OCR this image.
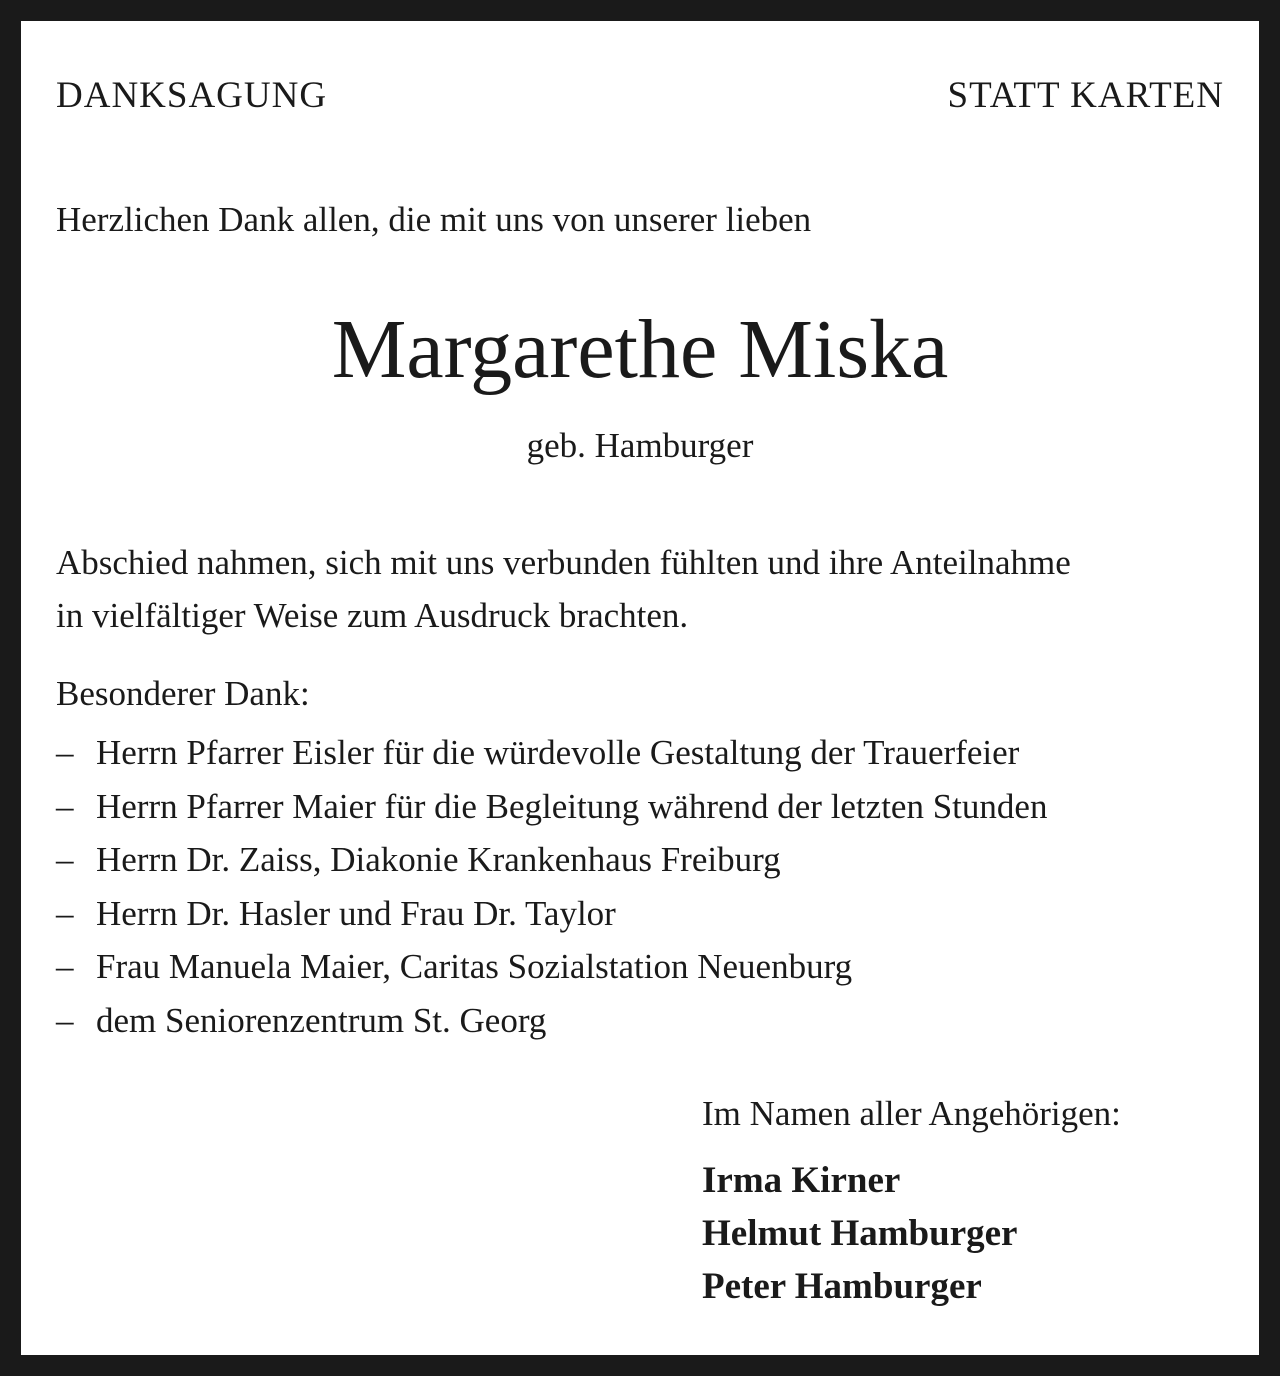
DANKSAGUNG	STATT KARTEN
Herzlichen Dank allen, die mit uns von unserer lieben
Margarethe Miska
geb. Hamburger

Abschied nahmen, sich mit uns verbunden fühlten und ihre Anteilnahme

in vielfältiger Weise zum Ausdruck brachten.

Besonderer Dank:
– Herrn Pfarrer Eisler für die würdevolle Gestaltung der Trauerfeier
– Herrn Pfarrer Maier für die Begleitung während der letzten Stunden
– Herrn Dr. Zaiss, Diakonie Krankenhaus Freiburg
– Herrn Dr. Hasler und Frau Dr. Taylor
– Frau Manuela Maier, Caritas Sozialstation Neuenburg
– dem Seniorenzentrum St. Georg
Im Namen aller Angehörigen:
Irma Kirner
Helmut Hamburger
Peter Hamburger
